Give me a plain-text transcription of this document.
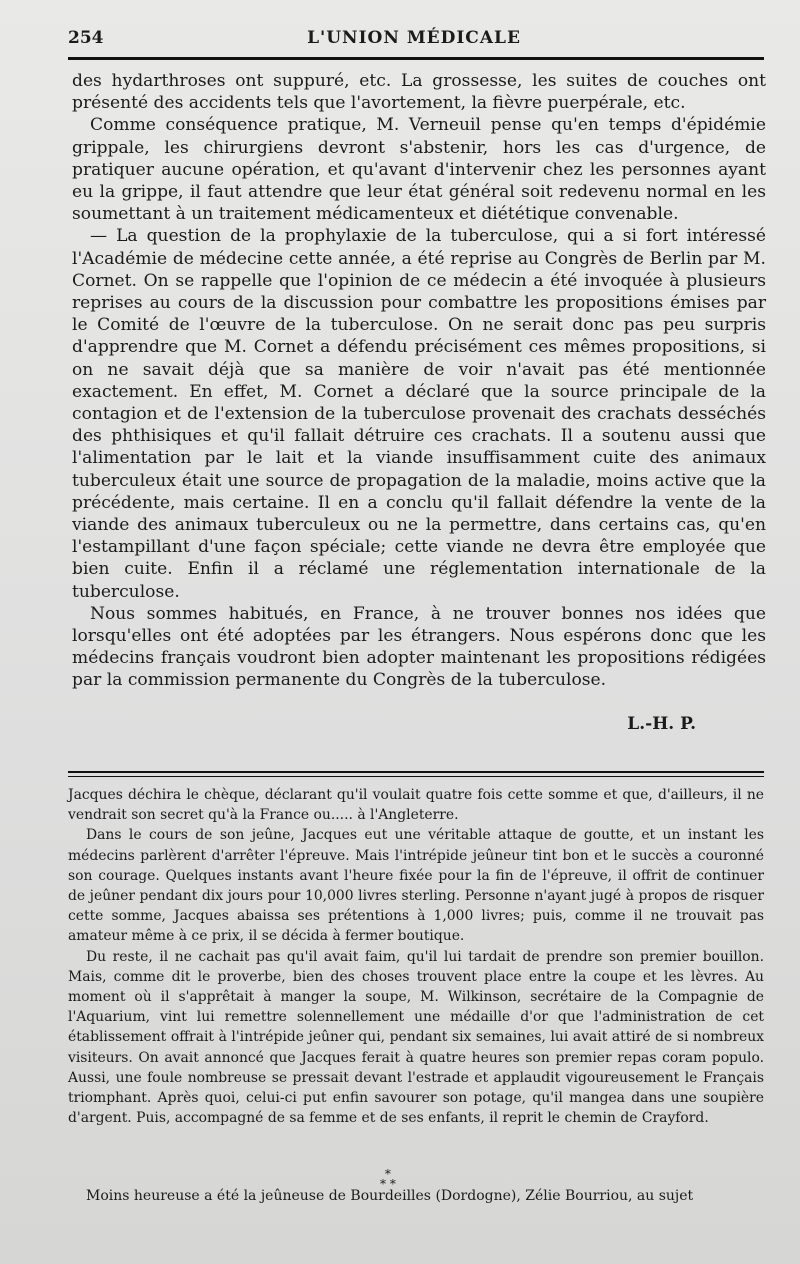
254	L'UNION MÉDICALE

des hydarthroses ont suppuré, etc. La grossesse, les suites de couches ont présenté des accidents tels que l'avortement, la fièvre puerpérale, etc.

Comme conséquence pratique, M. Verneuil pense qu'en temps d'épidémie grippale, les chirurgiens devront s'abstenir, hors les cas d'urgence, de pratiquer aucune opération, et qu'avant d'intervenir chez les personnes ayant eu la grippe, il faut attendre que leur état général soit redevenu normal en les soumettant à un traitement médicamenteux et diététique convenable.

— La question de la prophylaxie de la tuberculose, qui a si fort intéressé l'Académie de médecine cette année, a été reprise au Congrès de Berlin par M. Cornet. On se rappelle que l'opinion de ce médecin a été invoquée à plusieurs reprises au cours de la discussion pour combattre les propositions émises par le Comité de l'œuvre de la tuberculose. On ne serait donc pas peu surpris d'apprendre que M. Cornet a défendu précisément ces mêmes propositions, si on ne savait déjà que sa manière de voir n'avait pas été mentionnée exactement. En effet, M. Cornet a déclaré que la source principale de la contagion et de l'extension de la tuberculose provenait des crachats desséchés des phthisiques et qu'il fallait détruire ces crachats. Il a soutenu aussi que l'alimentation par le lait et la viande insuffisamment cuite des animaux tuberculeux était une source de propagation de la maladie, moins active que la précédente, mais certaine. Il en a conclu qu'il fallait défendre la vente de la viande des animaux tuberculeux ou ne la permettre, dans certains cas, qu'en l'estampillant d'une façon spéciale; cette viande ne devra être employée que bien cuite. Enfin il a réclamé une réglementation internationale de la tuberculose.

Nous sommes habitués, en France, à ne trouver bonnes nos idées que lorsqu'elles ont été adoptées par les étrangers. Nous espérons donc que les médecins français voudront bien adopter maintenant les propositions rédigées par la commission permanente du Congrès de la tuberculose.

L.-H. P.

Jacques déchira le chèque, déclarant qu'il voulait quatre fois cette somme et que, d'ailleurs, il ne vendrait son secret qu'à la France ou..... à l'Angleterre.

Dans le cours de son jeûne, Jacques eut une véritable attaque de goutte, et un instant les médecins parlèrent d'arrêter l'épreuve. Mais l'intrépide jeûneur tint bon et le succès a couronné son courage. Quelques instants avant l'heure fixée pour la fin de l'épreuve, il offrit de continuer de jeûner pendant dix jours pour 10,000 livres sterling. Personne n'ayant jugé à propos de risquer cette somme, Jacques abaissa ses prétentions à 1,000 livres; puis, comme il ne trouvait pas amateur même à ce prix, il se décida à fermer boutique.

Du reste, il ne cachait pas qu'il avait faim, qu'il lui tardait de prendre son premier bouillon. Mais, comme dit le proverbe, bien des choses trouvent place entre la coupe et les lèvres. Au moment où il s'apprêtait à manger la soupe, M. Wilkinson, secrétaire de la Compagnie de l'Aquarium, vint lui remettre solennellement une médaille d'or que l'administration de cet établissement offrait à l'intrépide jeûner qui, pendant six semaines, lui avait attiré de si nombreux visiteurs. On avait annoncé que Jacques ferait à quatre heures son premier repas coram populo. Aussi, une foule nombreuse se pressait devant l'estrade et applaudit vigoureusement le Français triomphant. Après quoi, celui-ci put enfin savourer son potage, qu'il mangea dans une soupière d'argent. Puis, accompagné de sa femme et de ses enfants, il reprit le chemin de Crayford.

*
* *
Moins heureuse a été la jeûneuse de Bourdeilles (Dordogne), Zélie Bourriou, au sujet
